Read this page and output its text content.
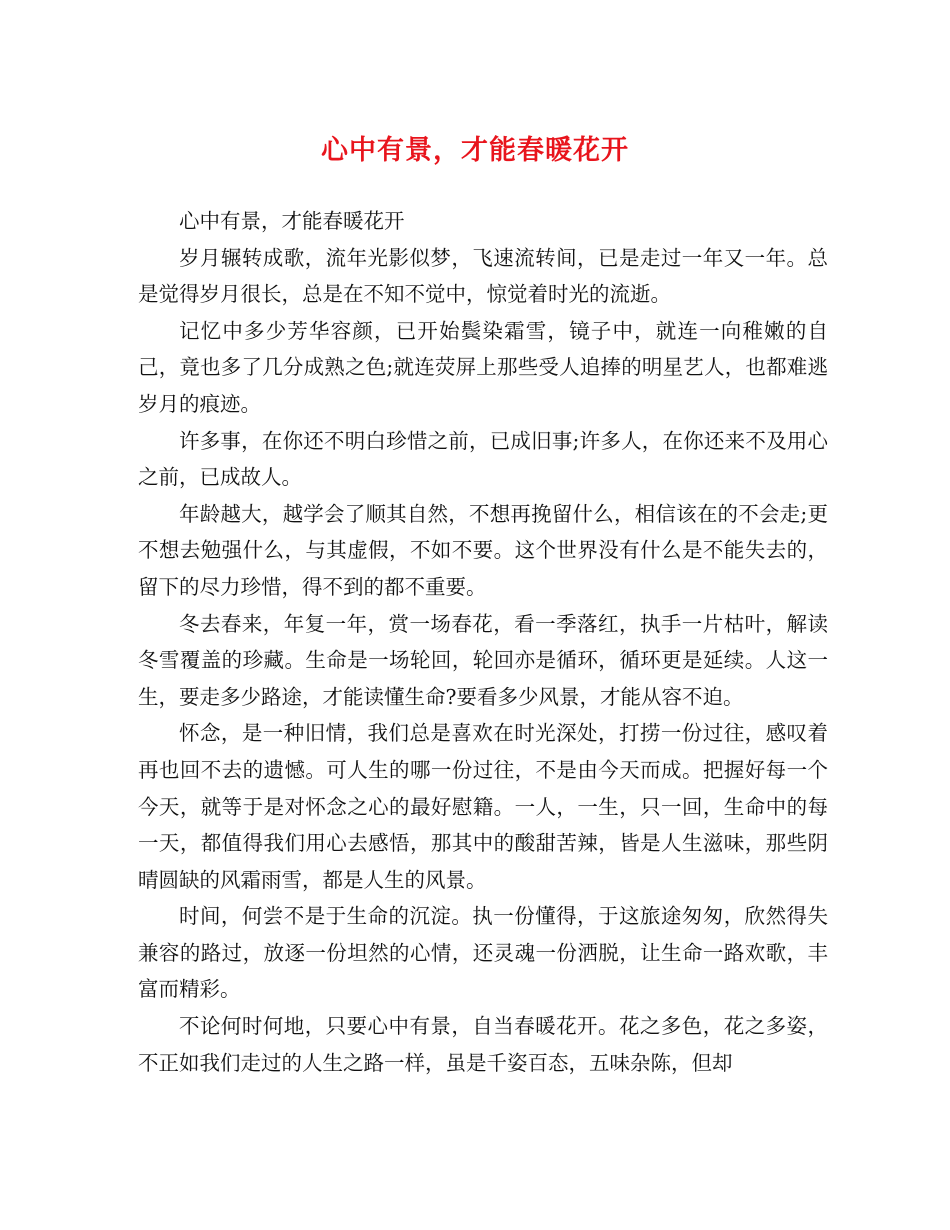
心中有景，才能春暖花开

心中有景，才能春暖花开

岁月辗转成歌，流年光影似梦，飞速流转间，已是走过一年又一年。总是觉得岁月很长，总是在不知不觉中，惊觉着时光的流逝。

记忆中多少芳华容颜，已开始鬓染霜雪，镜子中，就连一向稚嫩的自己，竟也多了几分成熟之色;就连荧屏上那些受人追捧的明星艺人，也都难逃岁月的痕迹。

许多事，在你还不明白珍惜之前，已成旧事;许多人，在你还来不及用心之前，已成故人。

年龄越大，越学会了顺其自然，不想再挽留什么，相信该在的不会走;更不想去勉强什么，与其虚假，不如不要。这个世界没有什么是不能失去的，留下的尽力珍惜，得不到的都不重要。

冬去春来，年复一年，赏一场春花，看一季落红，执手一片枯叶，解读冬雪覆盖的珍藏。生命是一场轮回，轮回亦是循环，循环更是延续。人这一生，要走多少路途，才能读懂生命?要看多少风景，才能从容不迫。

怀念，是一种旧情，我们总是喜欢在时光深处，打捞一份过往，感叹着再也回不去的遗憾。可人生的哪一份过往，不是由今天而成。把握好每一个今天，就等于是对怀念之心的最好慰籍。一人，一生，只一回，生命中的每一天，都值得我们用心去感悟，那其中的酸甜苦辣，皆是人生滋味，那些阴晴圆缺的风霜雨雪，都是人生的风景。

时间，何尝不是于生命的沉淀。执一份懂得，于这旅途匆匆，欣然得失兼容的路过，放逐一份坦然的心情，还灵魂一份洒脱，让生命一路欢歌，丰富而精彩。

不论何时何地，只要心中有景，自当春暖花开。花之多色，花之多姿，不正如我们走过的人生之路一样，虽是千姿百态，五味杂陈，但却
